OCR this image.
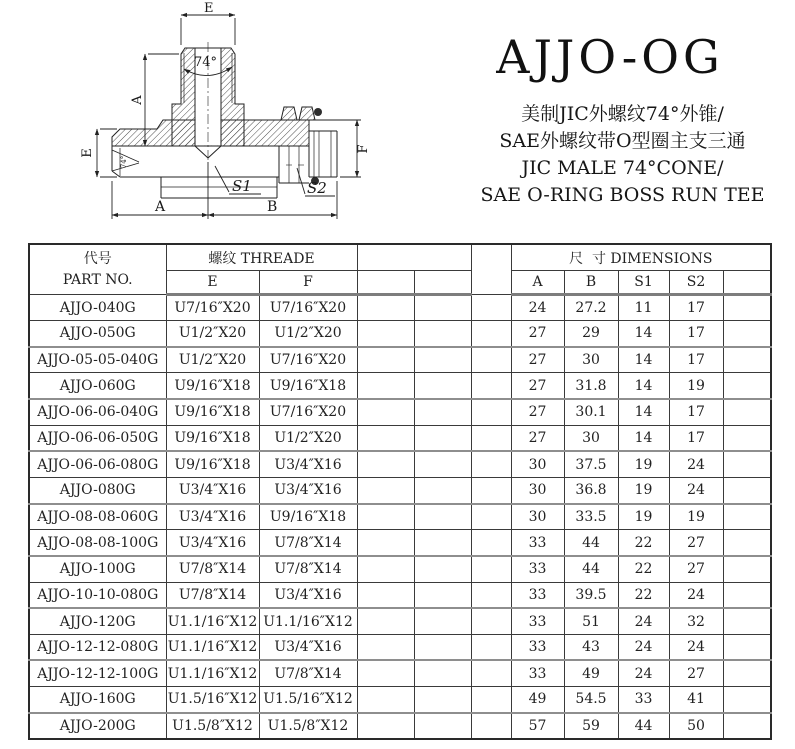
E
74°
A
E
74°
F
A	B
S1	S2
AJJO-OG
美制JIC外螺纹74°外锥/
SAE外螺纹带O型圈主支三通
JIC MALE 74°CONE/
SAE O-RING BOSS RUN TEE
代号
PART NO.	螺纹 THREADE					尺  寸 DIMENSIONS				
	E	F				A	B	S1	S2	
AJJO-040G	U7/16″X20	U7/16″X20				24	27.2	11	17	
AJJO-050G	U1/2″X20	U1/2″X20				27	29	14	17	
AJJO-05-05-040G	U1/2″X20	U7/16″X20				27	30	14	17	
AJJO-060G	U9/16″X18	U9/16″X18				27	31.8	14	19	
AJJO-06-06-040G	U9/16″X18	U7/16″X20				27	30.1	14	17	
AJJO-06-06-050G	U9/16″X18	U1/2″X20				27	30	14	17	
AJJO-06-06-080G	U9/16″X18	U3/4″X16				30	37.5	19	24	
AJJO-080G	U3/4″X16	U3/4″X16				30	36.8	19	24	
AJJO-08-08-060G	U3/4″X16	U9/16″X18				30	33.5	19	19	
AJJO-08-08-100G	U3/4″X16	U7/8″X14				33	44	22	27	
AJJO-100G	U7/8″X14	U7/8″X14				33	44	22	27	
AJJO-10-10-080G	U7/8″X14	U3/4″X16				33	39.5	22	24	
AJJO-120G	U1.1/16″X12	U1.1/16″X12				33	51	24	32	
AJJO-12-12-080G	U1.1/16″X12	U3/4″X16				33	43	24	24	
AJJO-12-12-100G	U1.1/16″X12	U7/8″X14				33	49	24	27	
AJJO-160G	U1.5/16″X12	U1.5/16″X12				49	54.5	33	41	
AJJO-200G	U1.5/8″X12	U1.5/8″X12				57	59	44	50	
